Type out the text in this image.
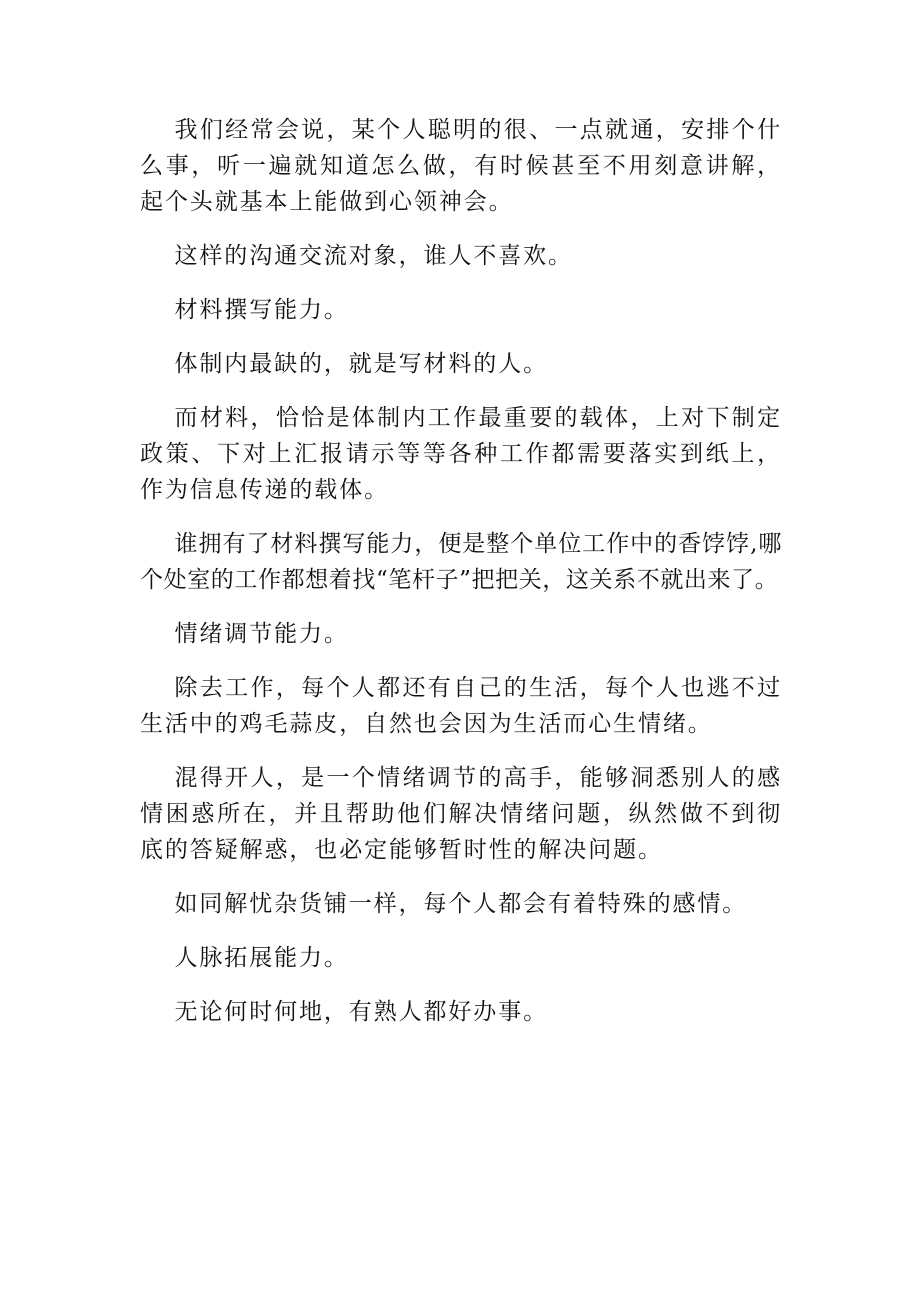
我们经常会说，某个人聪明的很、一点就通，安排个什么事，听一遍就知道怎么做，有时候甚至不用刻意讲解，起个头就基本上能做到心领神会。

这样的沟通交流对象，谁人不喜欢。

材料撰写能力。

体制内最缺的，就是写材料的人。

而材料，恰恰是体制内工作最重要的载体，上对下制定政策、下对上汇报请示等等各种工作都需要落实到纸上，作为信息传递的载体。

谁拥有了材料撰写能力，便是整个单位工作中的香饽饽,哪个处室的工作都想着找“笔杆子”把把关，这关系不就出来了。

情绪调节能力。

除去工作，每个人都还有自己的生活，每个人也逃不过生活中的鸡毛蒜皮，自然也会因为生活而心生情绪。

混得开人，是一个情绪调节的高手，能够洞悉别人的感情困惑所在，并且帮助他们解决情绪问题，纵然做不到彻底的答疑解惑，也必定能够暂时性的解决问题。

如同解忧杂货铺一样，每个人都会有着特殊的感情。

人脉拓展能力。

无论何时何地，有熟人都好办事。
